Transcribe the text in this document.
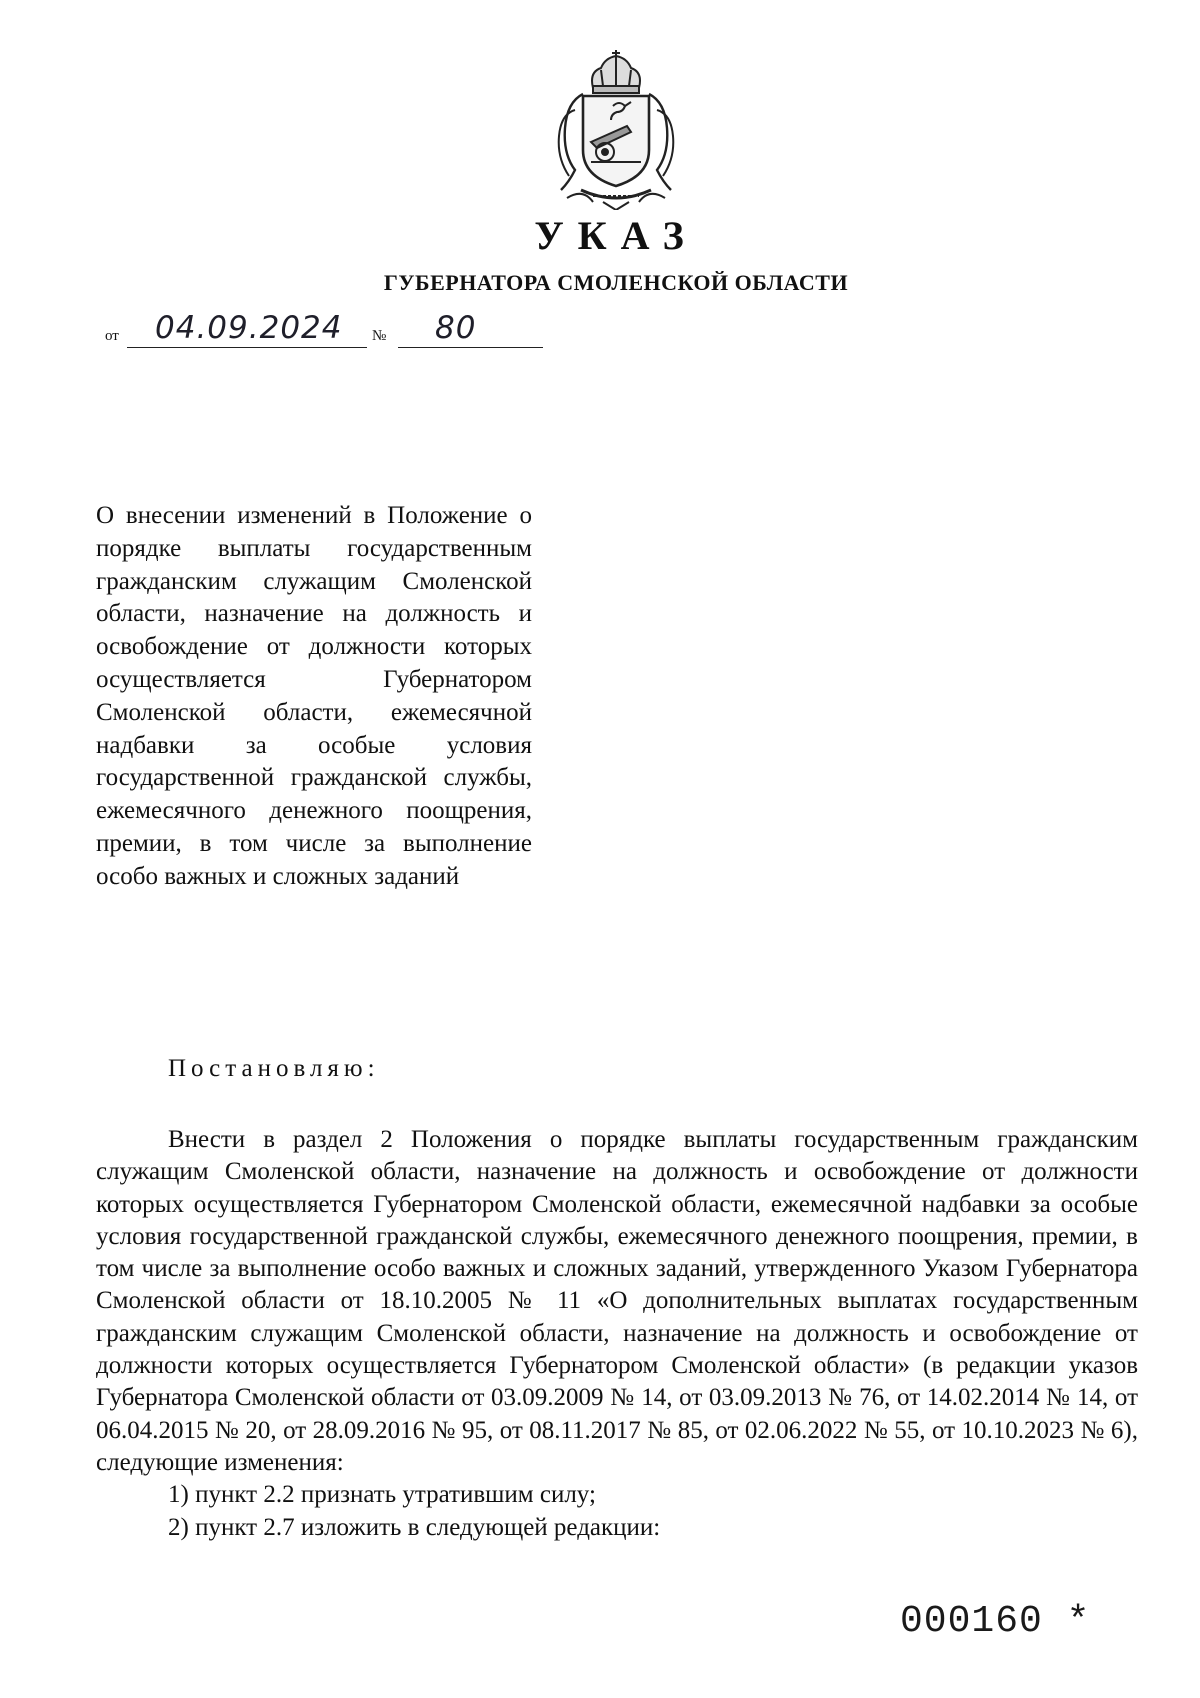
УКАЗ
ГУБЕРНАТОРА СМОЛЕНСКОЙ ОБЛАСТИ
от 04.09.2024 № 80
О внесении изменений в Положение о порядке выплаты государственным гражданским служащим Смоленской области, назначение на должность и освобождение от должности которых осуществляется Губернатором Смоленской области, ежемесячной надбавки за особые условия государственной гражданской службы, ежемесячного денежного поощрения, премии, в том числе за выполнение особо важных и сложных заданий
Постановляю:

Внести в раздел 2 Положения о порядке выплаты государственным гражданским служащим Смоленской области, назначение на должность и освобождение от должности которых осуществляется Губернатором Смоленской области, ежемесячной надбавки за особые условия государственной гражданской службы, ежемесячного денежного поощрения, премии, в том числе за выполнение особо важных и сложных заданий, утвержденного Указом Губернатора Смоленской области от 18.10.2005 № 11 «О дополнительных выплатах государственным гражданским служащим Смоленской области, назначение на должность и освобождение от должности которых осуществляется Губернатором Смоленской области» (в редакции указов Губернатора Смоленской области от 03.09.2009 № 14, от 03.09.2013 № 76, от 14.02.2014 № 14, от 06.04.2015 № 20, от 28.09.2016 № 95, от 08.11.2017 № 85, от 02.06.2022 № 55, от 10.10.2023 № 6), следующие изменения:

1) пункт 2.2 признать утратившим силу;

2) пункт 2.7 изложить в следующей редакции:

000160 *
